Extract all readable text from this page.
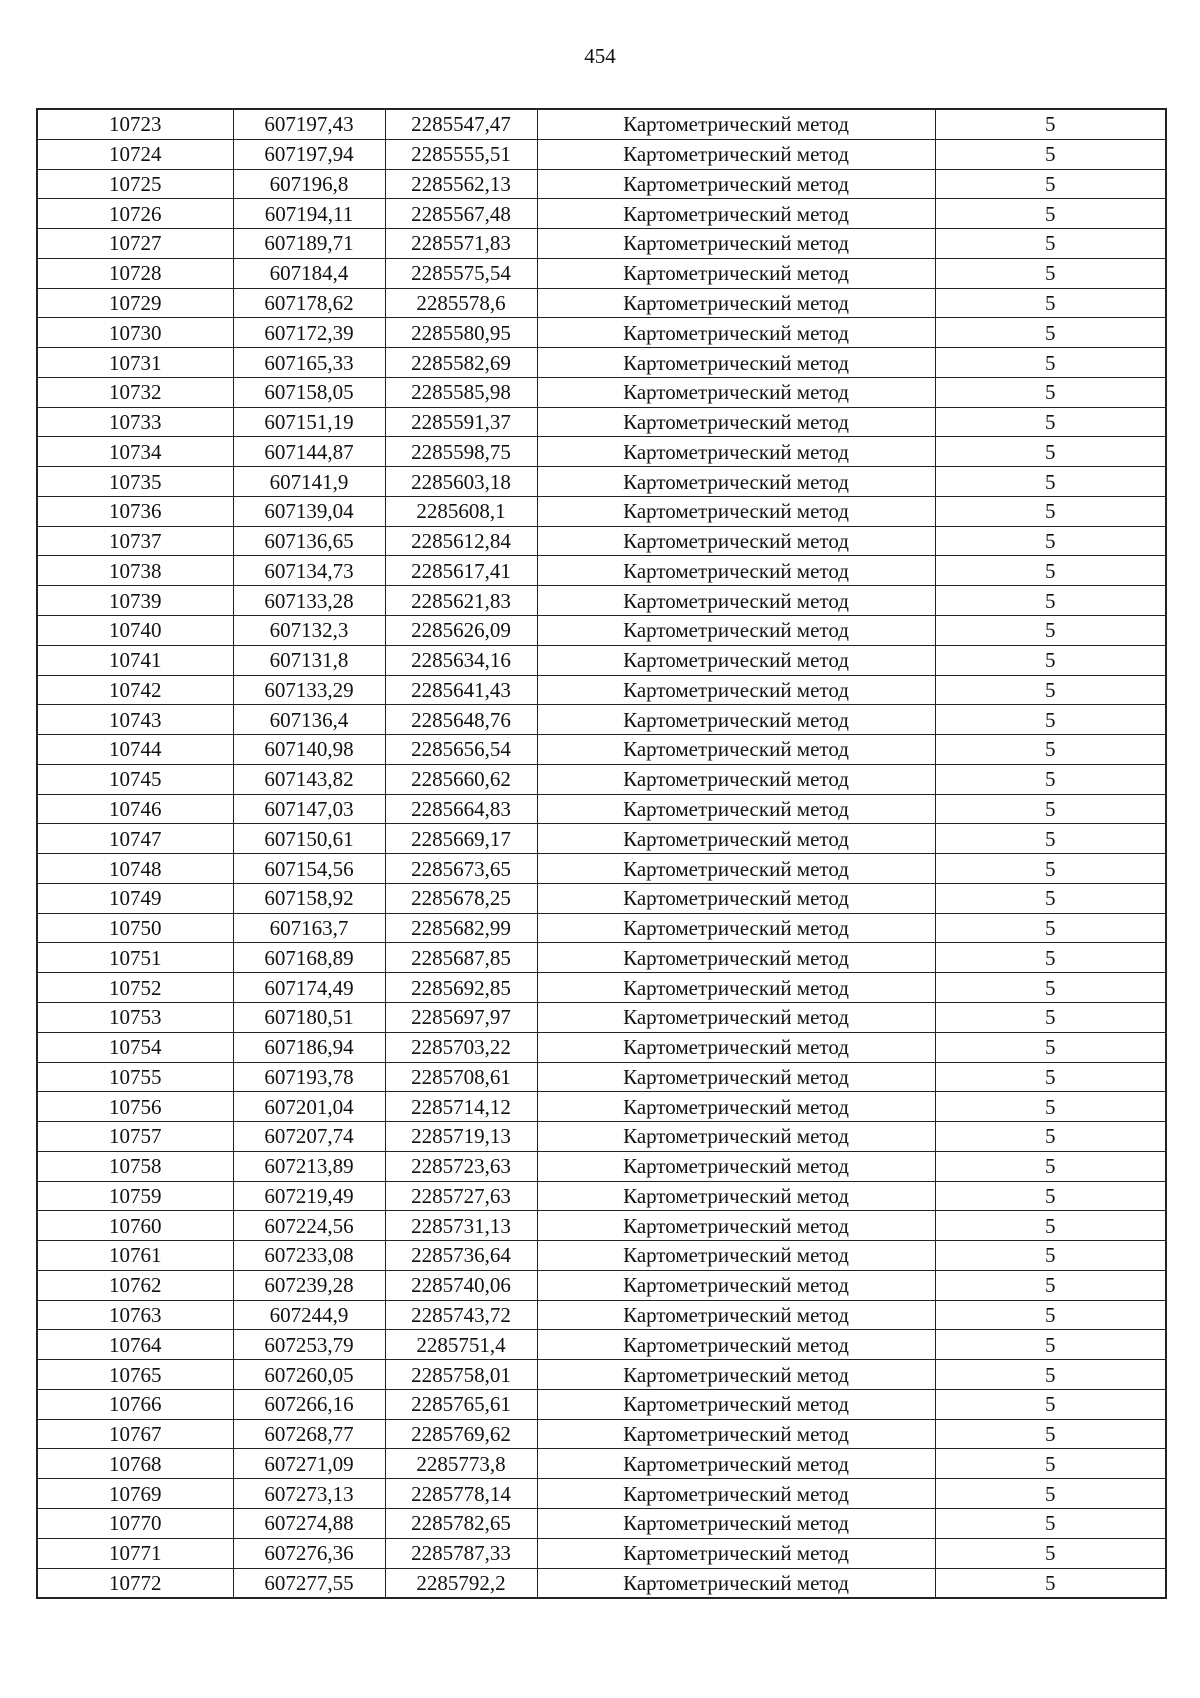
454
10723	607197,43	2285547,47	Картометрический метод	5
10724	607197,94	2285555,51	Картометрический метод	5
10725	607196,8	2285562,13	Картометрический метод	5
10726	607194,11	2285567,48	Картометрический метод	5
10727	607189,71	2285571,83	Картометрический метод	5
10728	607184,4	2285575,54	Картометрический метод	5
10729	607178,62	2285578,6	Картометрический метод	5
10730	607172,39	2285580,95	Картометрический метод	5
10731	607165,33	2285582,69	Картометрический метод	5
10732	607158,05	2285585,98	Картометрический метод	5
10733	607151,19	2285591,37	Картометрический метод	5
10734	607144,87	2285598,75	Картометрический метод	5
10735	607141,9	2285603,18	Картометрический метод	5
10736	607139,04	2285608,1	Картометрический метод	5
10737	607136,65	2285612,84	Картометрический метод	5
10738	607134,73	2285617,41	Картометрический метод	5
10739	607133,28	2285621,83	Картометрический метод	5
10740	607132,3	2285626,09	Картометрический метод	5
10741	607131,8	2285634,16	Картометрический метод	5
10742	607133,29	2285641,43	Картометрический метод	5
10743	607136,4	2285648,76	Картометрический метод	5
10744	607140,98	2285656,54	Картометрический метод	5
10745	607143,82	2285660,62	Картометрический метод	5
10746	607147,03	2285664,83	Картометрический метод	5
10747	607150,61	2285669,17	Картометрический метод	5
10748	607154,56	2285673,65	Картометрический метод	5
10749	607158,92	2285678,25	Картометрический метод	5
10750	607163,7	2285682,99	Картометрический метод	5
10751	607168,89	2285687,85	Картометрический метод	5
10752	607174,49	2285692,85	Картометрический метод	5
10753	607180,51	2285697,97	Картометрический метод	5
10754	607186,94	2285703,22	Картометрический метод	5
10755	607193,78	2285708,61	Картометрический метод	5
10756	607201,04	2285714,12	Картометрический метод	5
10757	607207,74	2285719,13	Картометрический метод	5
10758	607213,89	2285723,63	Картометрический метод	5
10759	607219,49	2285727,63	Картометрический метод	5
10760	607224,56	2285731,13	Картометрический метод	5
10761	607233,08	2285736,64	Картометрический метод	5
10762	607239,28	2285740,06	Картометрический метод	5
10763	607244,9	2285743,72	Картометрический метод	5
10764	607253,79	2285751,4	Картометрический метод	5
10765	607260,05	2285758,01	Картометрический метод	5
10766	607266,16	2285765,61	Картометрический метод	5
10767	607268,77	2285769,62	Картометрический метод	5
10768	607271,09	2285773,8	Картометрический метод	5
10769	607273,13	2285778,14	Картометрический метод	5
10770	607274,88	2285782,65	Картометрический метод	5
10771	607276,36	2285787,33	Картометрический метод	5
10772	607277,55	2285792,2	Картометрический метод	5
